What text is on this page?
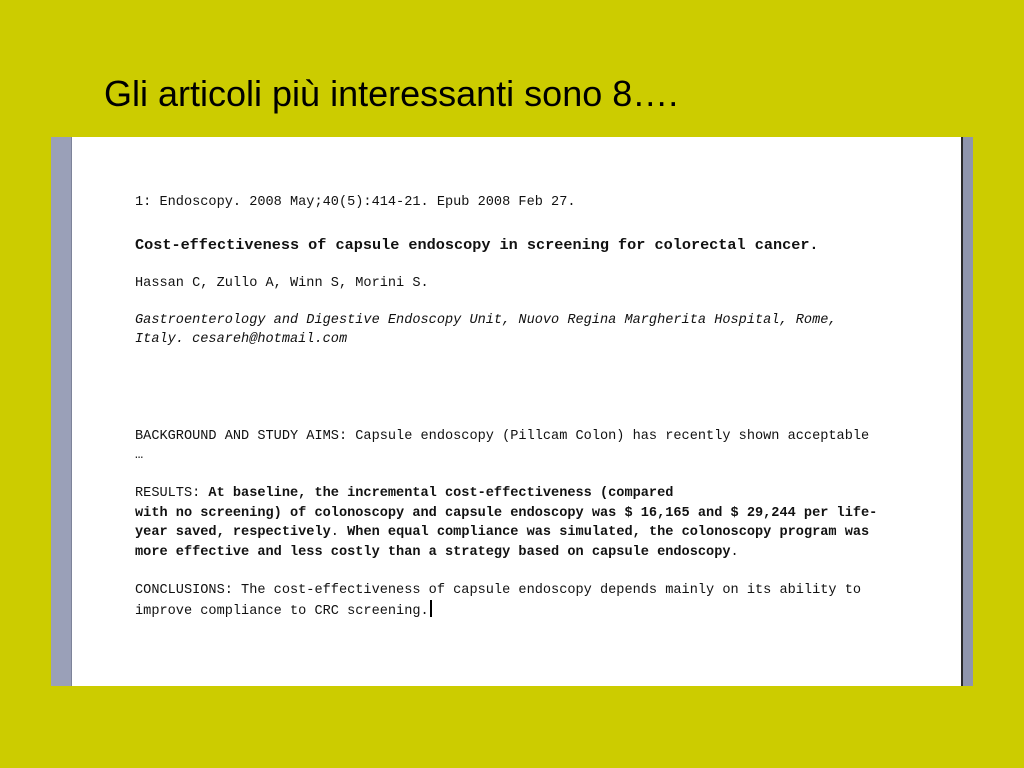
Gli articoli più interessanti sono 8….

1: Endoscopy. 2008 May;40(5):414-21. Epub 2008 Feb 27.

Cost-effectiveness of capsule endoscopy in screening for colorectal cancer.

Hassan C, Zullo A, Winn S, Morini S.

Gastroenterology and Digestive Endoscopy Unit, Nuovo Regina Margherita Hospital, Rome, Italy. cesareh@hotmail.com

BACKGROUND AND STUDY AIMS: Capsule endoscopy (Pillcam Colon) has recently shown acceptable …

RESULTS: At baseline, the incremental cost-effectiveness (compared
with no screening) of colonoscopy and capsule endoscopy was $ 16,165 and $ 29,244 per life-year saved, respectively. When equal compliance was simulated, the colonoscopy program was more effective and less costly than a strategy based on capsule endoscopy.

CONCLUSIONS: The cost-effectiveness of capsule endoscopy depends mainly on its ability to improve compliance to CRC screening.
